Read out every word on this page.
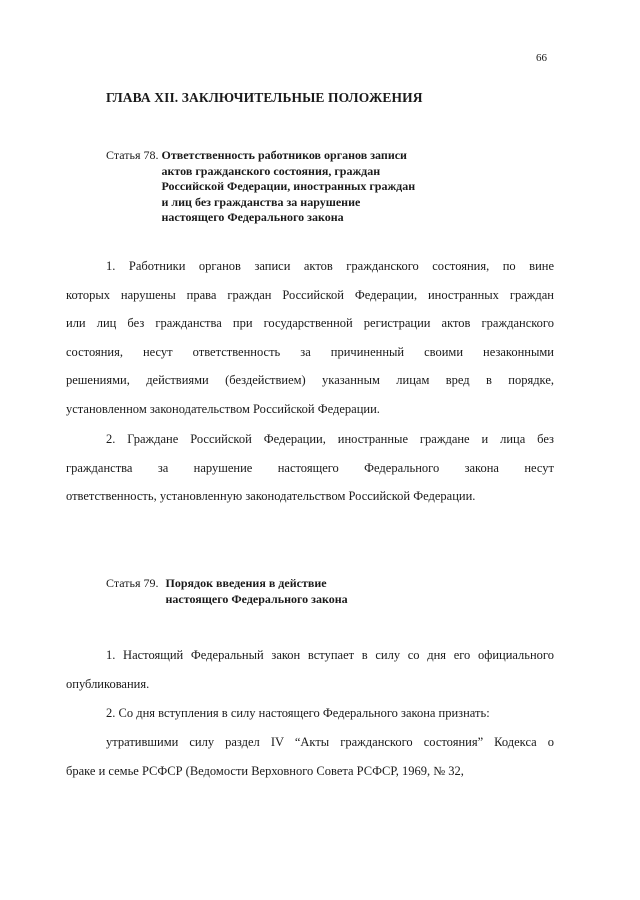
66
ГЛАВА XII. ЗАКЛЮЧИТЕЛЬНЫЕ ПОЛОЖЕНИЯ
Статья 78. Ответственность работников органов записи
актов гражданского состояния, граждан
Российской Федерации, иностранных граждан
и лиц без гражданства за нарушение
настоящего Федерального закона
1. Работники органов записи актов гражданского состояния, по вине
которых нарушены права граждан Российской Федерации, иностранных граждан
или лиц без гражданства при государственной регистрации актов гражданского
состояния, несут ответственность за причиненный своими незаконными
решениями, действиями (бездействием) указанным лицам вред в порядке,
установленном законодательством Российской Федерации.
2. Граждане Российской Федерации, иностранные граждане и лица без
гражданства за нарушение настоящего Федерального закона несут
ответственность, установленную законодательством Российской Федерации.
Статья 79. Порядок введения в действие
настоящего Федерального закона
1. Настоящий Федеральный закон вступает в силу со дня его официального
опубликования.
2. Со дня вступления в силу настоящего Федерального закона признать:
утратившими силу раздел IV “Акты гражданского состояния” Кодекса о
браке и семье РСФСР (Ведомости Верховного Совета РСФСР, 1969, № 32,
